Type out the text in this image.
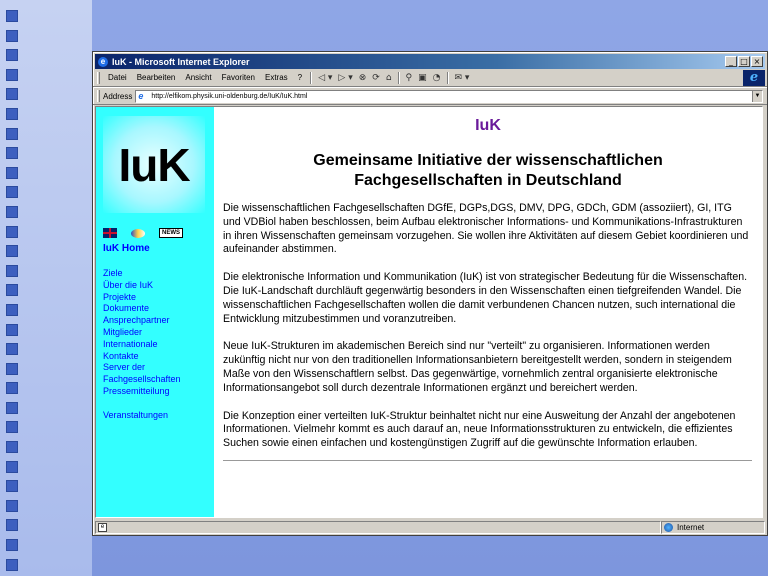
e IuK - Microsoft Internet Explorer	_ □ ×
Datei	Bearbeiten	Ansicht	Favoriten	Extras	?	◁ ▾ ▷ ▾ ⊗ ⟳ ⌂	⚲ ▣ ◔	✉ ▾	e
Address e	http://elfikom.physik.uni-oldenburg.de/IuK/IuK.html	▼
IuK
NEWS
IuK Home
Ziele
Über die IuK
Projekte
Dokumente
Ansprechpartner
Mitglieder
Internationale
Kontakte
Server der
Fachgesellschaften
Pressemitteilung
Veranstaltungen
IuK
Gemeinsame Initiative der wissenschaftlichen
Fachgesellschaften in Deutschland

Die wissenschaftlichen Fachgesellschaften DGfE, DGPs,DGS, DMV, DPG, GDCh, GDM (assoziiert), GI, ITG und VDBiol haben beschlossen, beim Aufbau elektronischer Informations- und Kommunikations-Infrastrukturen in ihren Wissenschaften gemeinsam vorzugehen. Sie wollen ihre Aktivitäten auf diesem Gebiet koordinieren und aufeinander abstimmen.

Die elektronische Information und Kommunikation (IuK) ist von strategischer Bedeutung für die Wissenschaften. Die IuK-Landschaft durchläuft gegenwärtig besonders in den Wissenschaften einen tiefgreifenden Wandel. Die wissenschaftlichen Fachgesellschaften wollen die damit verbundenen Chancen nutzen, such international die Entwicklung mitzubestimmen und voranzutreiben.

Neue IuK-Strukturen im akademischen Bereich sind nur "verteilt" zu organisieren. Informationen werden zukünftig nicht nur von den traditionellen Informationsanbietern bereitgestellt werden, sondern in steigendem Maße von den Wissenschaftlern selbst. Das gegenwärtige, vornehmlich zentral organisierte elektronische Informationsangebot soll durch dezentrale Informationen ergänzt und bereichert werden.

Die Konzeption einer verteilten IuK-Struktur beinhaltet nicht nur eine Ausweitung der Anzahl der angebotenen Informationen. Vielmehr kommt es auch darauf an, neue Informationsstrukturen zu entwickeln, die effizientes Suchen sowie einen einfachen und kostengünstigen Zugriff auf die gewünschte Information erlauben.

e	Internet
